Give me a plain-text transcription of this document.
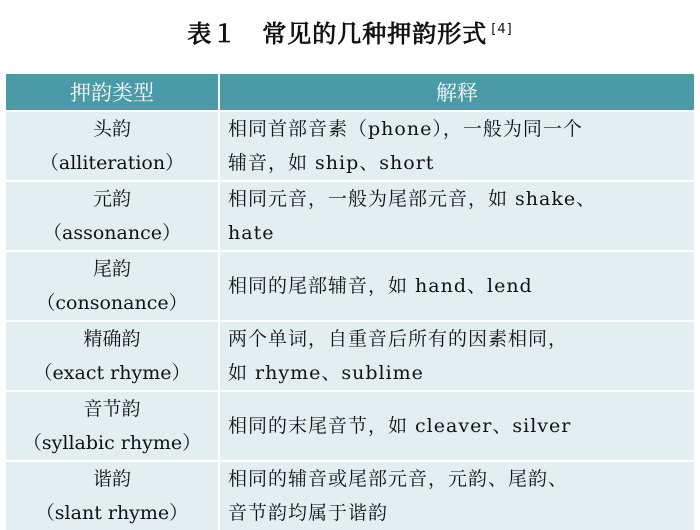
表１　常见的几种押韵形式 [4]
押韵类型	解释

头韵
（alliteration）	相同首部音素（phone），一般为同一个
辅音，如 ship、short

元韵
（assonance）	相同元音，一般为尾部元音，如 shake、
hate

尾韵
（consonance）	相同的尾部辅音，如 hand、lend

精确韵
（exact rhyme）	两个单词，自重音后所有的因素相同，
如 rhyme、sublime

音节韵
（syllabic rhyme）	相同的末尾音节，如 cleaver、silver

谐韵
（slant rhyme）	相同的辅音或尾部元音，元韵、尾韵、
音节韵均属于谐韵
